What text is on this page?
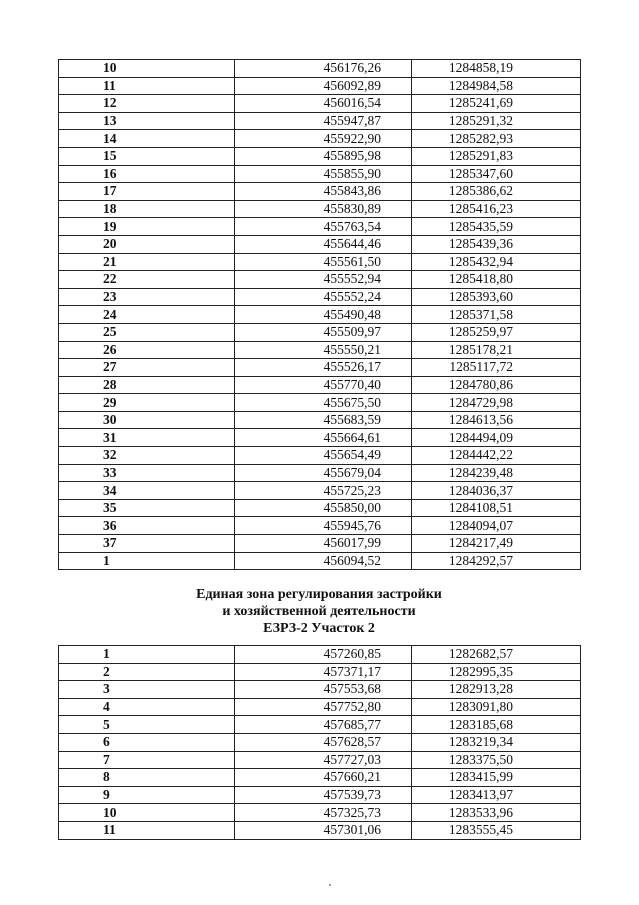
10	456176,26	1284858,19
11	456092,89	1284984,58
12	456016,54	1285241,69
13	455947,87	1285291,32
14	455922,90	1285282,93
15	455895,98	1285291,83
16	455855,90	1285347,60
17	455843,86	1285386,62
18	455830,89	1285416,23
19	455763,54	1285435,59
20	455644,46	1285439,36
21	455561,50	1285432,94
22	455552,94	1285418,80
23	455552,24	1285393,60
24	455490,48	1285371,58
25	455509,97	1285259,97
26	455550,21	1285178,21
27	455526,17	1285117,72
28	455770,40	1284780,86
29	455675,50	1284729,98
30	455683,59	1284613,56
31	455664,61	1284494,09
32	455654,49	1284442,22
33	455679,04	1284239,48
34	455725,23	1284036,37
35	455850,00	1284108,51
36	455945,76	1284094,07
37	456017,99	1284217,49
1	456094,52	1284292,57
Единая зона регулирования застройки
и хозяйственной деятельности
ЕЗРЗ-2 Участок 2
1	457260,85	1282682,57
2	457371,17	1282995,35
3	457553,68	1282913,28
4	457752,80	1283091,80
5	457685,77	1283185,68
6	457628,57	1283219,34
7	457727,03	1283375,50
8	457660,21	1283415,99
9	457539,73	1283413,97
10	457325,73	1283533,96
11	457301,06	1283555,45
